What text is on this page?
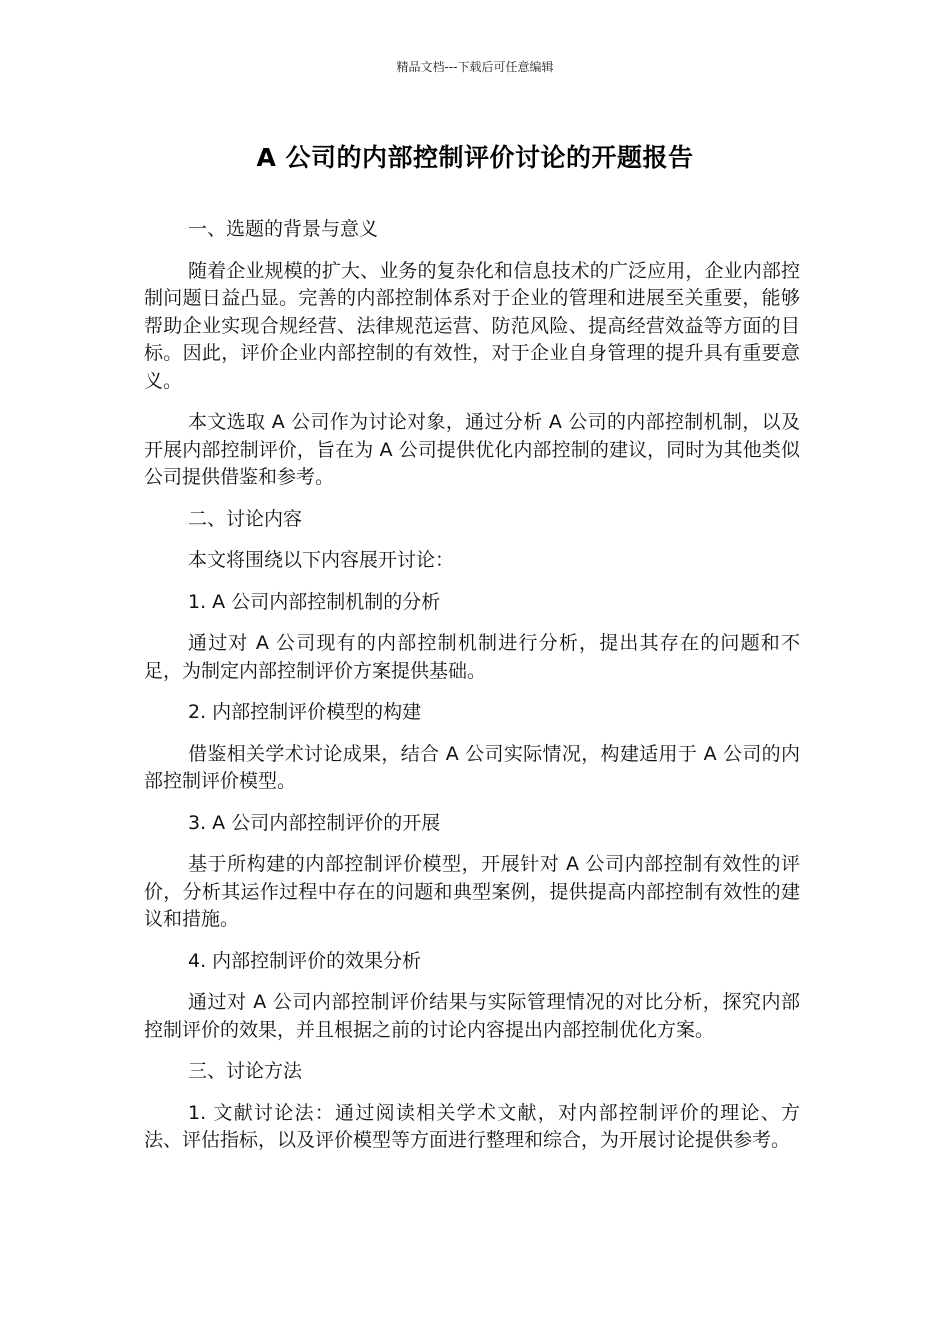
精品文档---下载后可任意编辑
A 公司的内部控制评价讨论的开题报告

一、选题的背景与意义

随着企业规模的扩大、业务的复杂化和信息技术的广泛应用，企业内部控制问题日益凸显。完善的内部控制体系对于企业的管理和进展至关重要，能够帮助企业实现合规经营、法律规范运营、防范风险、提高经营效益等方面的目标。因此，评价企业内部控制的有效性，对于企业自身管理的提升具有重要意义。

本文选取 A 公司作为讨论对象，通过分析 A 公司的内部控制机制，以及开展内部控制评价，旨在为 A 公司提供优化内部控制的建议，同时为其他类似公司提供借鉴和参考。

二、讨论内容

本文将围绕以下内容展开讨论：

1. A 公司内部控制机制的分析

通过对 A 公司现有的内部控制机制进行分析，提出其存在的问题和不足，为制定内部控制评价方案提供基础。

2. 内部控制评价模型的构建

借鉴相关学术讨论成果，结合 A 公司实际情况，构建适用于 A 公司的内部控制评价模型。

3. A 公司内部控制评价的开展

基于所构建的内部控制评价模型，开展针对 A 公司内部控制有效性的评价，分析其运作过程中存在的问题和典型案例，提供提高内部控制有效性的建议和措施。

4. 内部控制评价的效果分析

通过对 A 公司内部控制评价结果与实际管理情况的对比分析，探究内部控制评价的效果，并且根据之前的讨论内容提出内部控制优化方案。

三、讨论方法

1. 文献讨论法：通过阅读相关学术文献，对内部控制评价的理论、方法、评估指标，以及评价模型等方面进行整理和综合，为开展讨论提供参考。
